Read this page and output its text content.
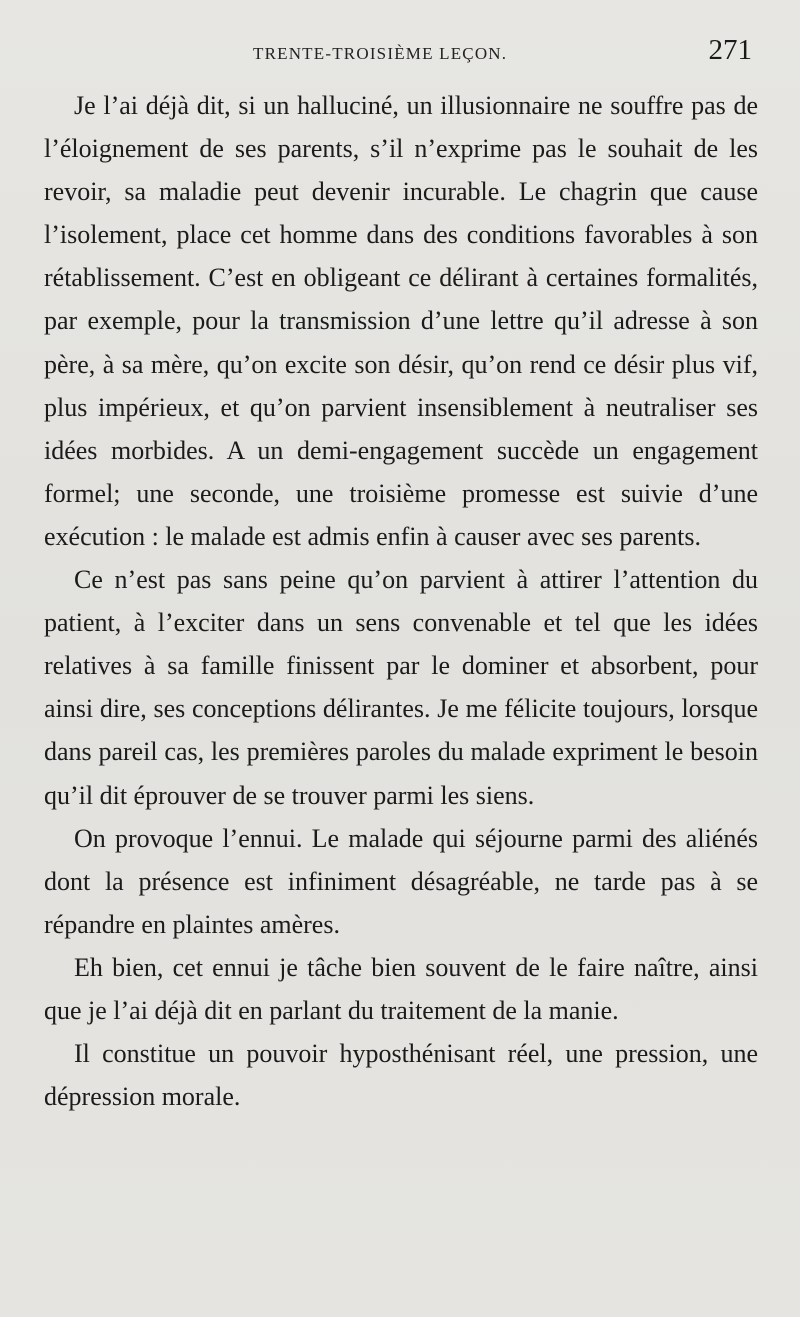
TRENTE-TROISIÈME LEÇON.	271

Je l’ai déjà dit, si un halluciné, un illusionnaire ne souffre pas de l’éloignement de ses parents, s’il n’exprime pas le souhait de les revoir, sa maladie peut devenir incurable. Le chagrin que cause l’isolement, place cet homme dans des conditions favorables à son rétablissement. C’est en obligeant ce délirant à certaines formalités, par exemple, pour la transmission d’une lettre qu’il adresse à son père, à sa mère, qu’on excite son désir, qu’on rend ce désir plus vif, plus impérieux, et qu’on parvient insensiblement à neutraliser ses idées morbides. A un demi-engagement succède un engagement formel; une seconde, une troisième promesse est suivie d’une exécution : le malade est admis enfin à causer avec ses parents.

Ce n’est pas sans peine qu’on parvient à attirer l’attention du patient, à l’exciter dans un sens convenable et tel que les idées relatives à sa famille finissent par le dominer et absorbent, pour ainsi dire, ses conceptions délirantes. Je me félicite toujours, lorsque dans pareil cas, les premières paroles du malade expriment le besoin qu’il dit éprouver de se trouver parmi les siens.

On provoque l’ennui. Le malade qui séjourne parmi des aliénés dont la présence est infiniment désagréable, ne tarde pas à se répandre en plaintes amères.

Eh bien, cet ennui je tâche bien souvent de le faire naître, ainsi que je l’ai déjà dit en parlant du traitement de la manie.

Il constitue un pouvoir hyposthénisant réel, une pression, une dépression morale.
